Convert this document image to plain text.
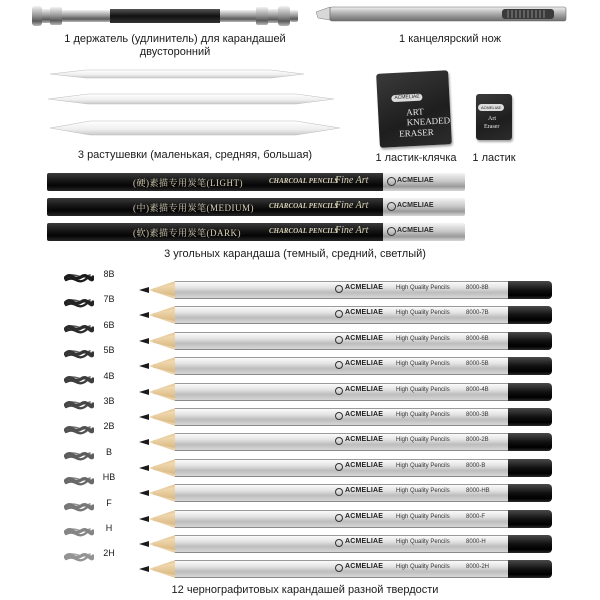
1 держатель (удлинитель) для карандашей
двусторонний
1 канцелярский нож
3 растушевки (маленькая, средняя, большая)
ACMELIAE
ART
KNEADED
ERASER
1 ластик-клячка
ACMELIAE
Art
Eraser
1 ластик
(硬)素描专用炭笔(LIGHT)	CHARCOAL PENCILS
Fine Art	ACMELIAE
(中)素描专用炭笔(MEDIUM) CHARCOAL PENCILS
Fine Art	ACMELIAE
(软)素描专用炭笔(DARK)	CHARCOAL PENCILS
Fine Art	ACMELIAE
3 угольных карандаша (темный, средний, светлый)
8B
ACMELIAE High Quality Pencils	8000-8B
7B
ACMELIAE High Quality Pencils	8000-7B
6B
ACMELIAE High Quality Pencils	8000-6B
5B
ACMELIAE High Quality Pencils	8000-5B
4B
ACMELIAE High Quality Pencils	8000-4B
3B
ACMELIAE High Quality Pencils	8000-3B
2B
ACMELIAE High Quality Pencils	8000-2B
B
ACMELIAE High Quality Pencils	8000-B
HB
ACMELIAE High Quality Pencils	8000-HB
F
ACMELIAE High Quality Pencils	8000-F
H
ACMELIAE High Quality Pencils	8000-H
2H
ACMELIAE High Quality Pencils	8000-2H
12 чернографитовых карандашей разной твердости
